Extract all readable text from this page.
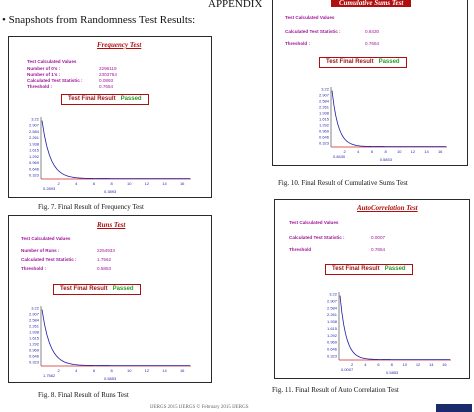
APPENDIX
• Snapshots from Randomness Test Results:
Frequency Test
Test Calculated Values
Number of 0's :	2296119
Number of 1's :	2303764
Calculated Test Statistic :	0.0893
Threshold :	0.7654
Test Final Result Passed
3.22
2.907
2.584
2.261
1.938
1.615
1.292
0.969
0.646
0.323
2	4	6	8	10	12	14	16
0.2893
0.3893
Fig. 7. Final Result of Frequency Test
Runs Test
Test Calculated Values
Number of Runs :	2254933
Calculated Test Statistic :	1.7562
Threshold :	0.5853
Test Final Result Passed
3.22
2.907
2.584
2.261
1.938
1.615
1.292
0.969
0.646
0.323
2	4	6	8	10	12	14	16
1.7562
0.5853
Fig. 8. Final Result of Runs Test
Cumulative Sums Test
Test Calculated Values
Calculated Test Statistic :	0.8430
Threshold :	0.7654
Test Final Result Passed
3.22
2.907
2.584
2.261
1.938
1.615
1.292
0.969
0.646
0.323
2	4	6	8	10 12 14 16
0.8430
0.5853
Fig. 10. Final Result of Cumulative Sums Test
AutoCorrelation Test
Test Calculated Values
Calculated Test Statistic :	0.0007
Threshold	0.7654
Test Final Result Passed
3.22
2.907
2.584
2.261
1.938
1.615
1.292
0.969
0.646
0.323
2	4	6	8 10 12 14 16
0.0007
0.5853
Fig. 11. Final Result of Auto Correlation Test
IJERGS 2015 IJERGS © February 2015 IJERGS
